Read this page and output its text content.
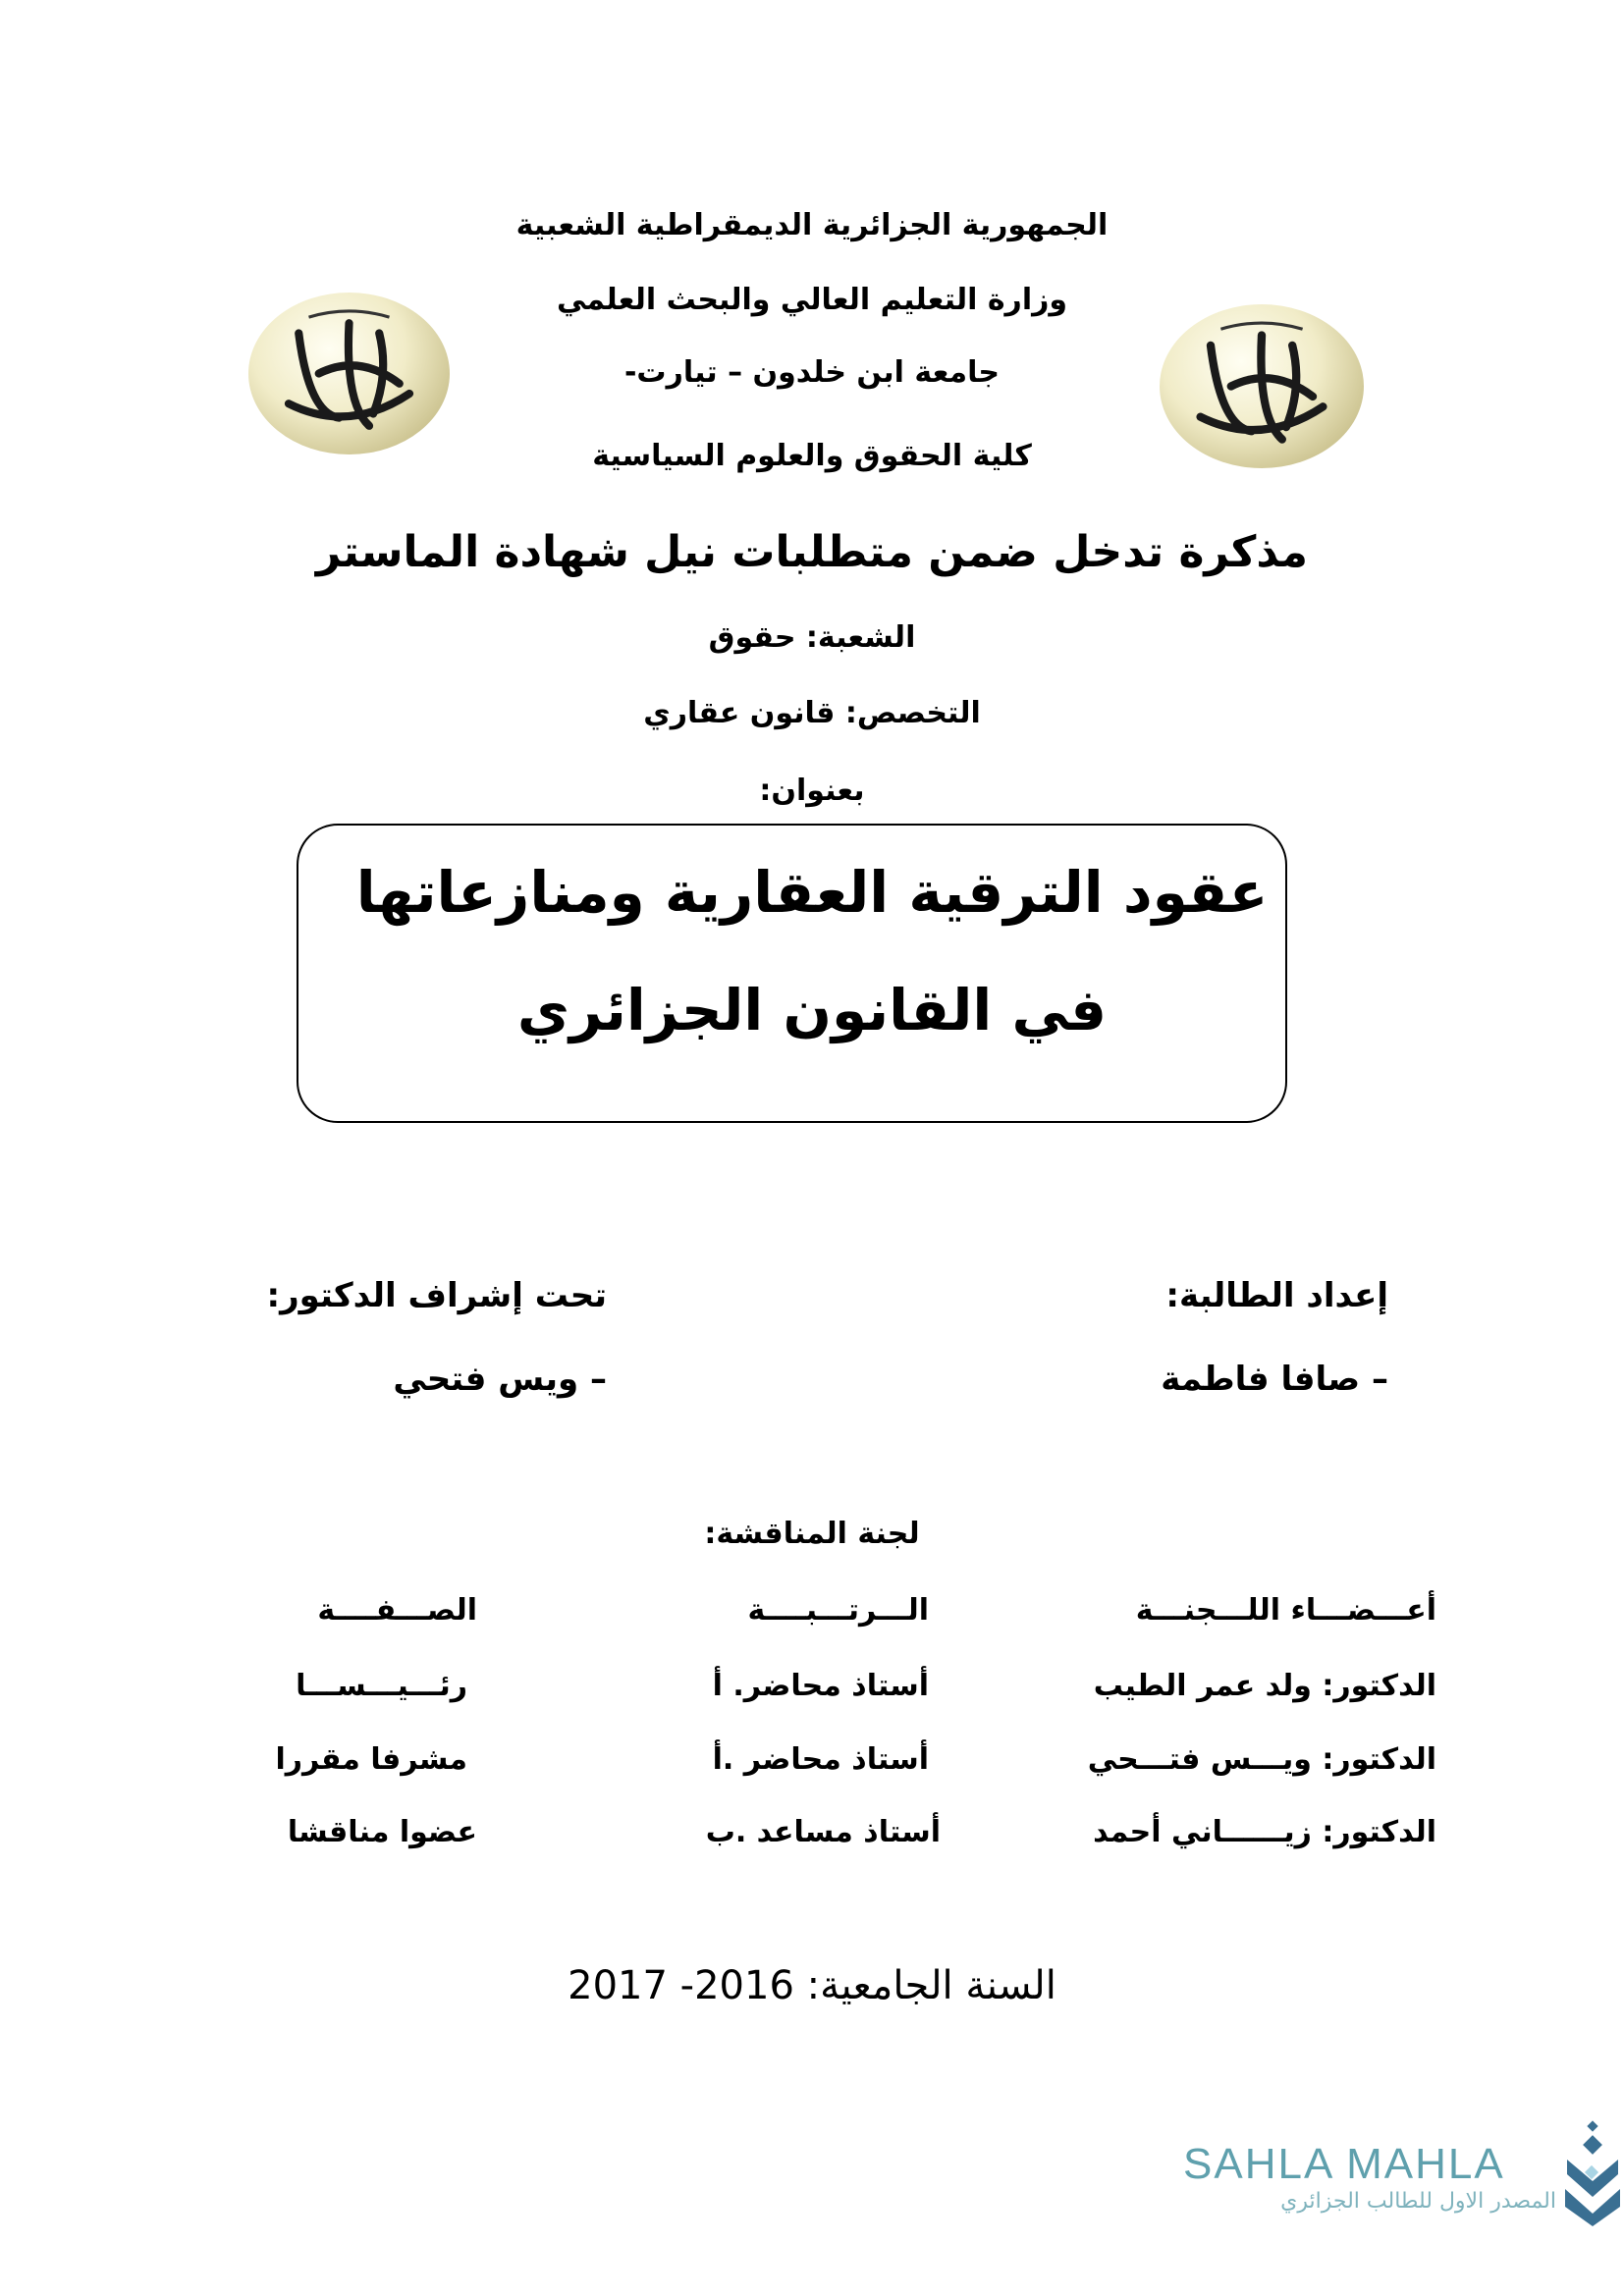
الجمهورية الجزائرية الديمقراطية الشعبية
وزارة التعليم العالي والبحث العلمي
جامعة ابن خلدون – تيارت-
كلية الحقوق والعلوم السياسية
مذكرة تدخل ضمن متطلبات نيل شهادة الماستر
الشعبة: حقوق
التخصص: قانون عقاري
بعنوان:
عقود الترقية العقارية ومنازعاتها
في القانون الجزائري
إعداد الطالبة:
– صافا فاطمة
تحت إشراف الدكتور:
– ويس فتحي
لجنة المناقشة:
أعـــضـــاء اللـــجنـــة
الـــرتـــبــــة
الصـــفــــة
الدكتور: ولد عمر الطيب
أستاذ محاضر. أ
رئـــيـــســـا
الدكتور: ويـــس فتـــحي
أستاذ محاضر .أ
مشرفا مقررا
الدكتور: زيــــــاني أحمد
أستاذ مساعد .ب
عضوا مناقشا
السنة الجامعية: 2016- 2017
SAHLA MAHLA
المصدر الاول للطالب الجزائري
